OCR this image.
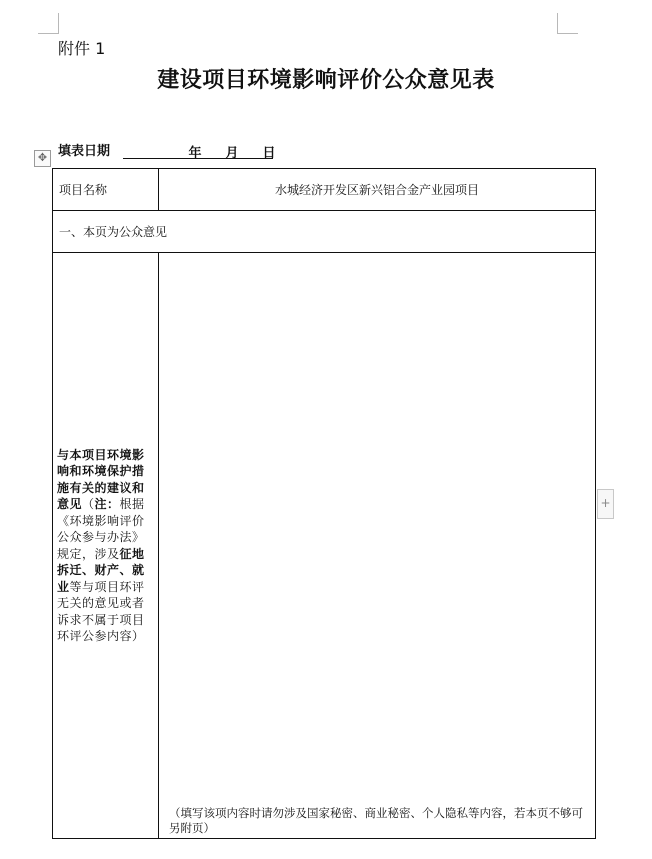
附件 1
建设项目环境影响评价公众意见表
填表日期	年 月 日
✥
项目名称	水城经济开发区新兴铝合金产业园项目
一、本页为公众意见	
与本项目环境影响和环境保护措施有关的建议和意见（注：根据《环境影响评价公众参与办法》规定，涉及征地拆迁、财产、就业等与项目环评无关的意见或者诉求不属于项目环评公参内容）	（填写该项内容时请勿涉及国家秘密、商业秘密、个人隐私等内容，若本页不够可另附页）
+
